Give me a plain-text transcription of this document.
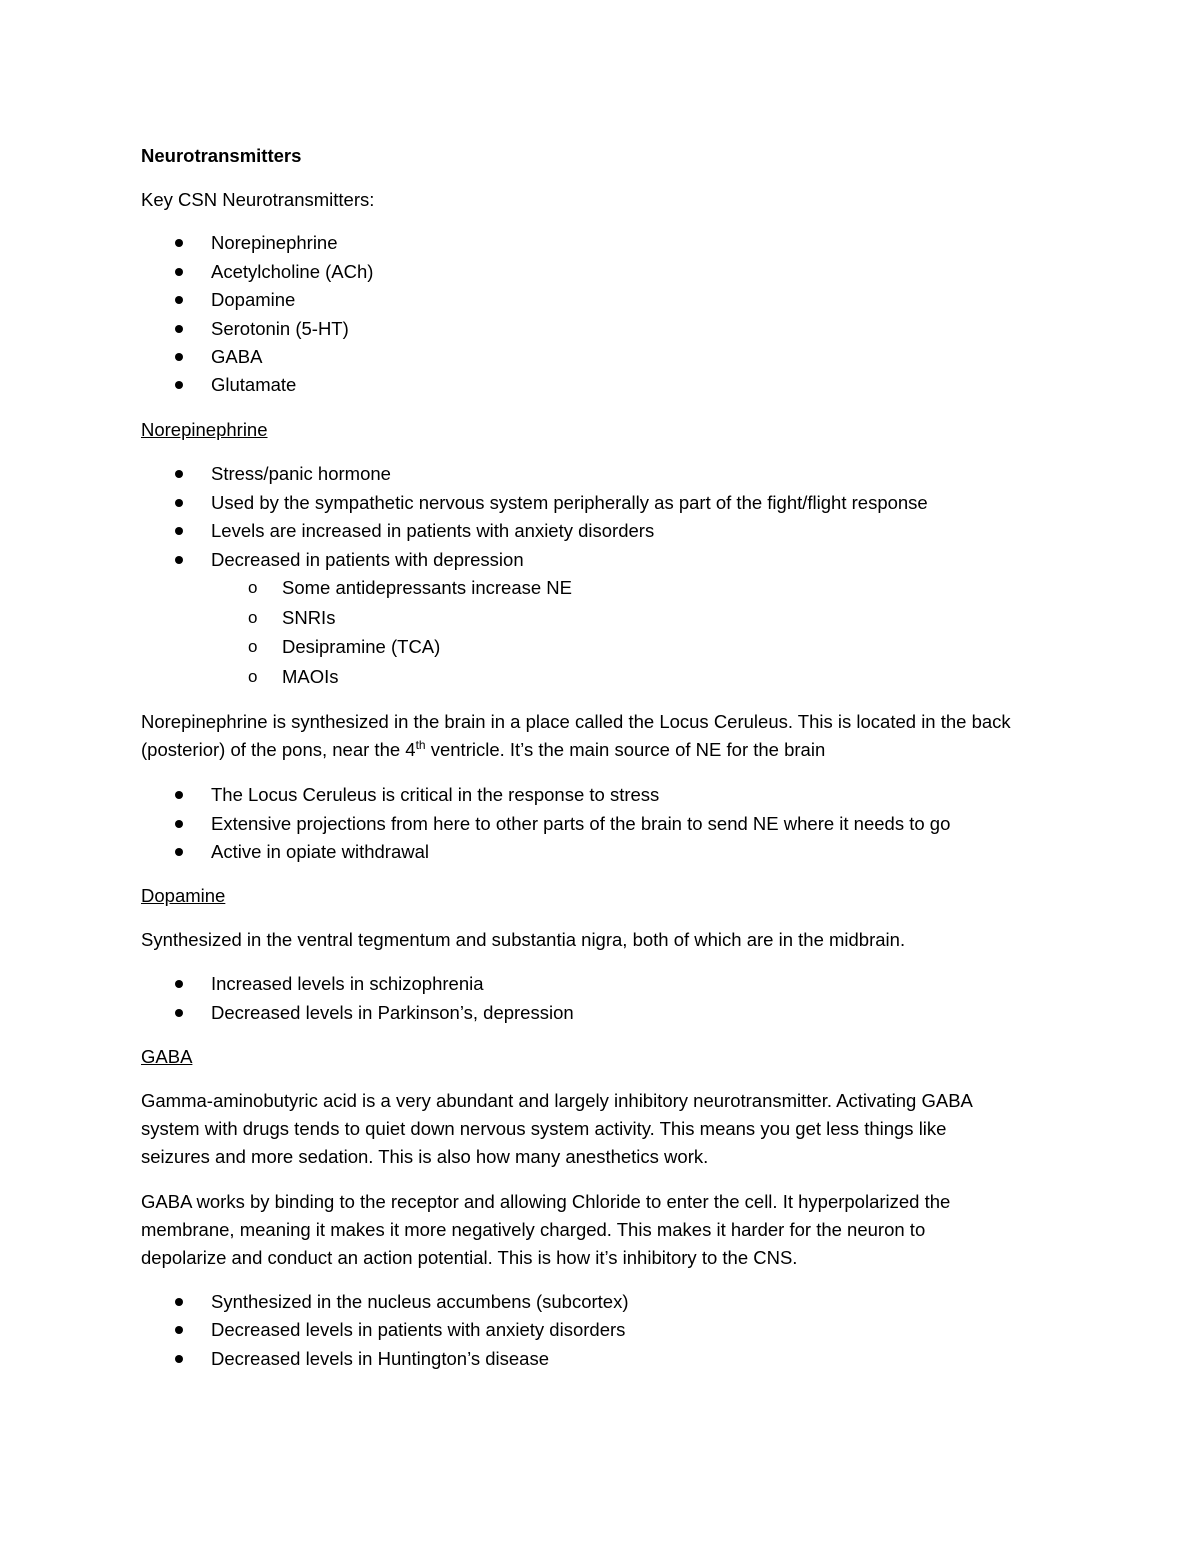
Neurotransmitters
Key CSN Neurotransmitters:
Norepinephrine
Acetylcholine (ACh)
Dopamine
Serotonin (5-HT)
GABA
Glutamate
Norepinephrine
Stress/panic hormone
Used by the sympathetic nervous system peripherally as part of the fight/flight response
Levels are increased in patients with anxiety disorders
Decreased in patients with depression
o Some antidepressants increase NE
o SNRIs
o Desipramine (TCA)
o MAOIs
Norepinephrine is synthesized in the brain in a place called the Locus Ceruleus. This is located in the back
(posterior) of the pons, near the 4th ventricle. It’s the main source of NE for the brain
The Locus Ceruleus is critical in the response to stress
Extensive projections from here to other parts of the brain to send NE where it needs to go
Active in opiate withdrawal
Dopamine
Synthesized in the ventral tegmentum and substantia nigra, both of which are in the midbrain.
Increased levels in schizophrenia
Decreased levels in Parkinson’s, depression
GABA
Gamma-aminobutyric acid is a very abundant and largely inhibitory neurotransmitter. Activating GABA
system with drugs tends to quiet down nervous system activity. This means you get less things like
seizures and more sedation. This is also how many anesthetics work.
GABA works by binding to the receptor and allowing Chloride to enter the cell. It hyperpolarized the
membrane, meaning it makes it more negatively charged. This makes it harder for the neuron to
depolarize and conduct an action potential. This is how it’s inhibitory to the CNS.
Synthesized in the nucleus accumbens (subcortex)
Decreased levels in patients with anxiety disorders
Decreased levels in Huntington’s disease
